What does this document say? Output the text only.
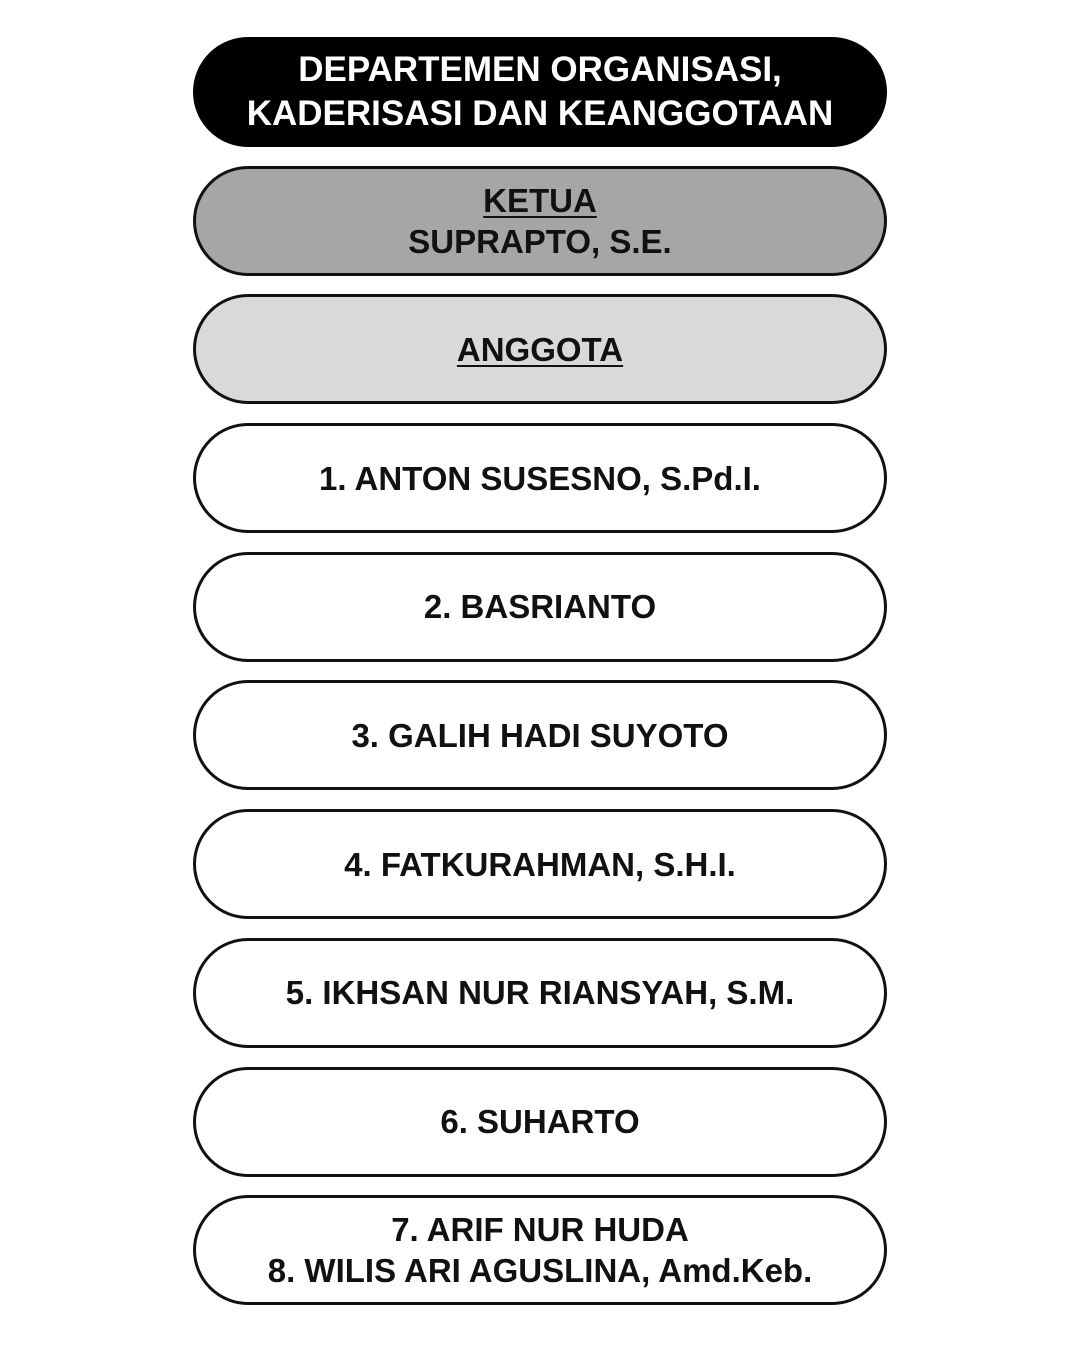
DEPARTEMEN ORGANISASI,
KADERISASI DAN KEANGGOTAAN
KETUA
SUPRAPTO, S.E.
ANGGOTA
1. ANTON SUSESNO, S.Pd.I.
2. BASRIANTO
3. GALIH HADI SUYOTO
4. FATKURAHMAN, S.H.I.
5. IKHSAN NUR RIANSYAH, S.M.
6. SUHARTO
7. ARIF NUR HUDA
8. WILIS ARI AGUSLINA, Amd.Keb.
